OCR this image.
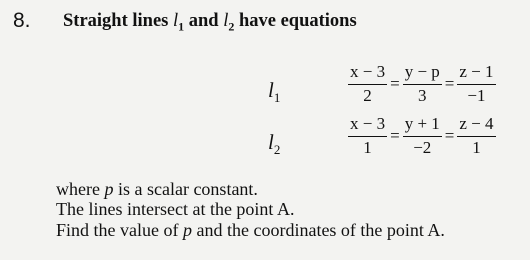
8. Straight lines $l_1$ and $l_2$ have equations
$l_1$	$\frac{x - 3}{2} = \frac{y - p}{3} = \frac{z - 1}{-1}$
$l_2$	$\frac{x - 3}{1} = \frac{y + 1}{-2} = \frac{z - 4}{1}$
where p is a scalar constant.
The lines intersect at the point A.
Find the value of p and the coordinates of the point A.
